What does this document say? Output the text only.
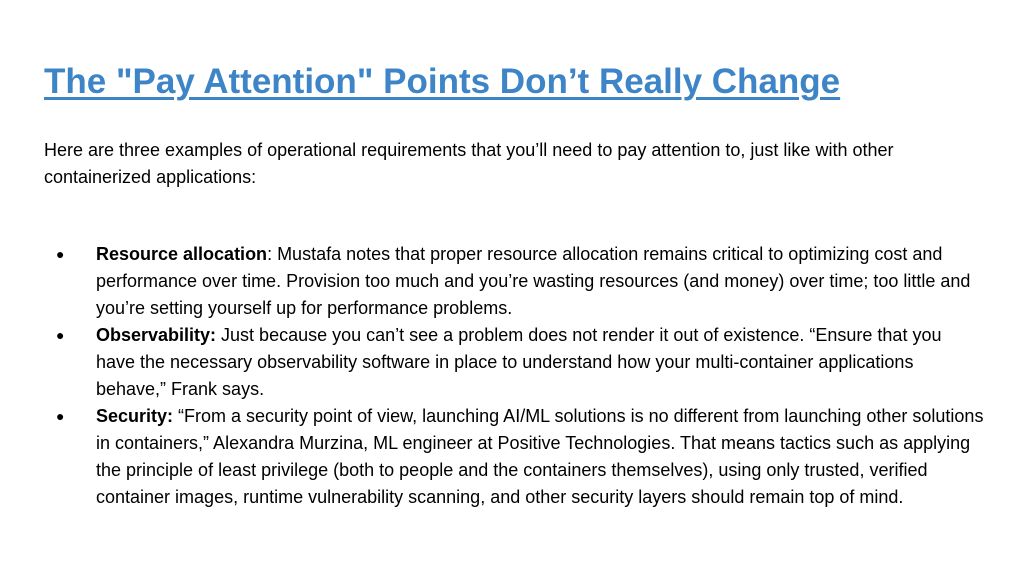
The "Pay Attention" Points Don’t Really Change

Here are three examples of operational requirements that you’ll need to pay attention to, just like with other containerized applications:

● Resource allocation: Mustafa notes that proper resource allocation remains critical to optimizing cost and performance over time. Provision too much and you’re wasting resources (and money) over time; too little and you’re setting yourself up for performance problems.
● Observability: Just because you can’t see a problem does not render it out of existence. “Ensure that you have the necessary observability software in place to understand how your multi-container applications behave,” Frank says.
● Security: “From a security point of view, launching AI/ML solutions is no different from launching other solutions in containers,” Alexandra Murzina, ML engineer at Positive Technologies. That means tactics such as applying the principle of least privilege (both to people and the containers themselves), using only trusted, verified container images, runtime vulnerability scanning, and other security layers should remain top of mind.
